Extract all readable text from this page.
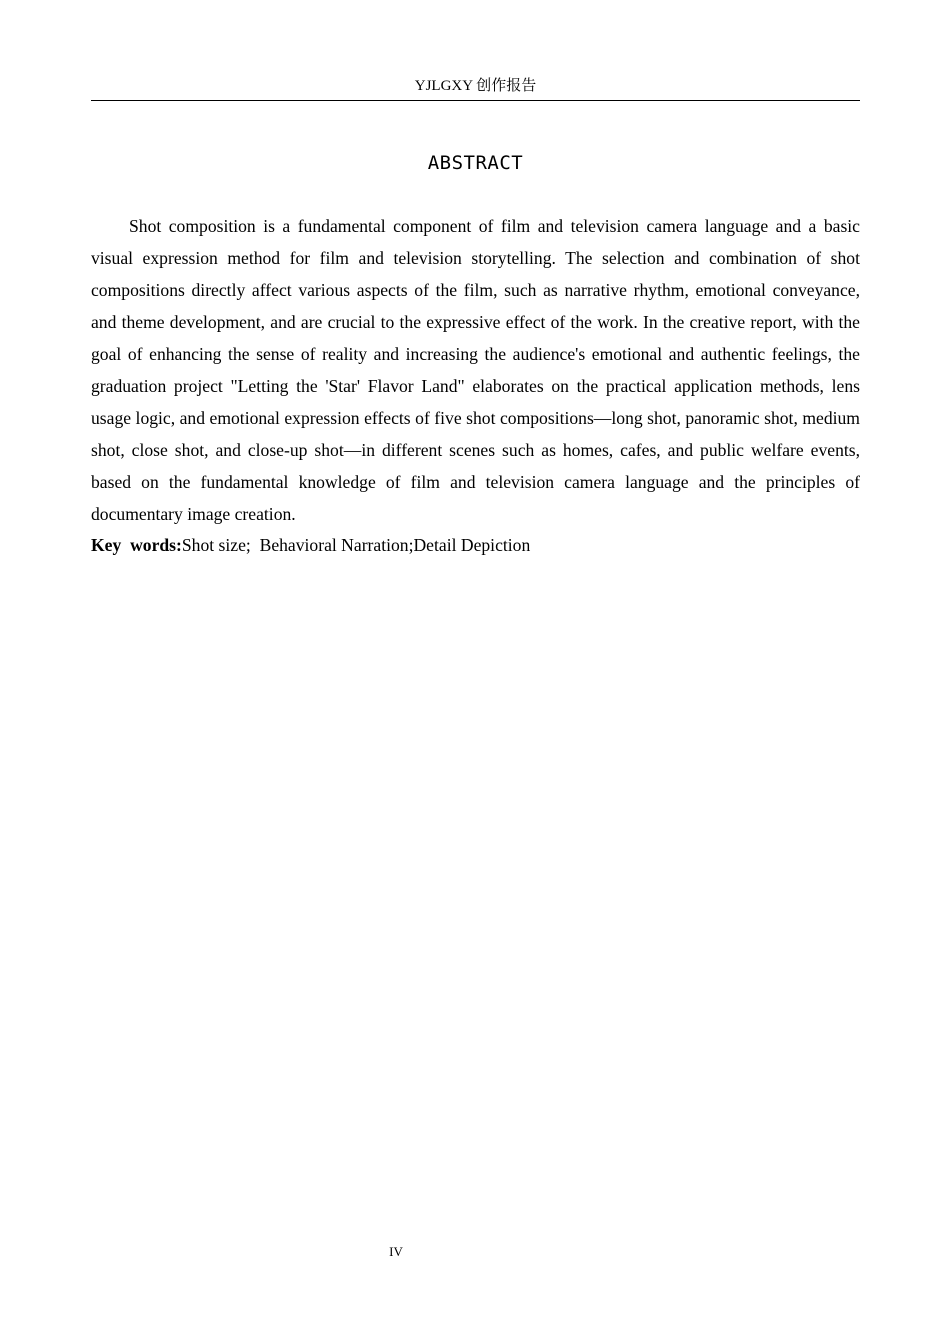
YJLGXY 创作报告
ABSTRACT

Shot composition is a fundamental component of film and television camera language and a basic visual expression method for film and television storytelling. The selection and combination of shot compositions directly affect various aspects of the film, such as narrative rhythm, emotional conveyance, and theme development, and are crucial to the expressive effect of the work. In the creative report, with the goal of enhancing the sense of reality and increasing the audience's emotional and authentic feelings, the graduation project "Letting the 'Star' Flavor Land" elaborates on the practical application methods, lens usage logic, and emotional expression effects of five shot compositions—long shot, panoramic shot, medium shot, close shot, and close-up shot—in different scenes such as homes, cafes, and public welfare events, based on the fundamental knowledge of film and television camera language and the principles of documentary image creation.

Key  words:Shot size;  Behavioral Narration;Detail Depiction
IV
